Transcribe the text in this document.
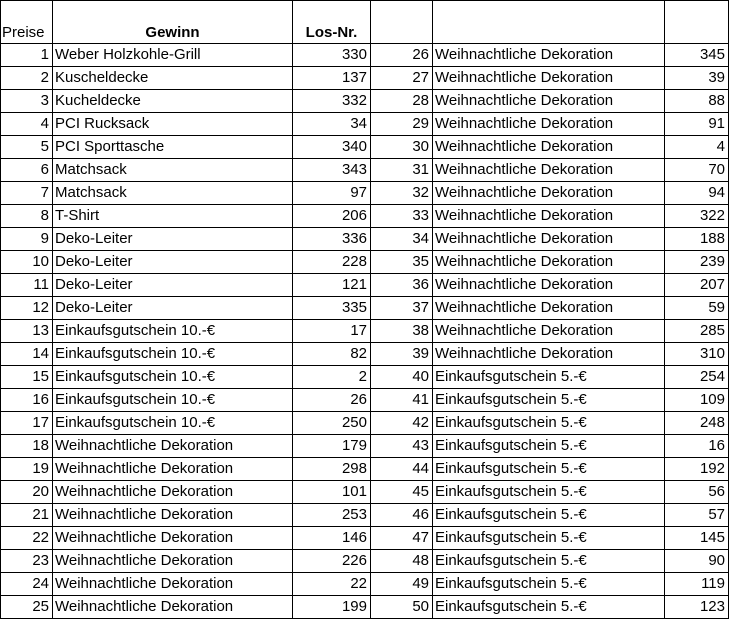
Preise	Gewinn	Los-Nr.			
1	Weber Holzkohle-Grill	330	26	Weihnachtliche Dekoration	345
2	Kuscheldecke	137	27	Weihnachtliche Dekoration	39
3	Kucheldecke	332	28	Weihnachtliche Dekoration	88
4	PCI Rucksack	34	29	Weihnachtliche Dekoration	91
5	PCI Sporttasche	340	30	Weihnachtliche Dekoration	4
6	Matchsack	343	31	Weihnachtliche Dekoration	70
7	Matchsack	97	32	Weihnachtliche Dekoration	94
8	T-Shirt	206	33	Weihnachtliche Dekoration	322
9	Deko-Leiter	336	34	Weihnachtliche Dekoration	188
10	Deko-Leiter	228	35	Weihnachtliche Dekoration	239
11	Deko-Leiter	121	36	Weihnachtliche Dekoration	207
12	Deko-Leiter	335	37	Weihnachtliche Dekoration	59
13	Einkaufsgutschein 10.-€	17	38	Weihnachtliche Dekoration	285
14	Einkaufsgutschein 10.-€	82	39	Weihnachtliche Dekoration	310
15	Einkaufsgutschein 10.-€	2	40	Einkaufsgutschein 5.-€	254
16	Einkaufsgutschein 10.-€	26	41	Einkaufsgutschein 5.-€	109
17	Einkaufsgutschein 10.-€	250	42	Einkaufsgutschein 5.-€	248
18	Weihnachtliche Dekoration	179	43	Einkaufsgutschein 5.-€	16
19	Weihnachtliche Dekoration	298	44	Einkaufsgutschein 5.-€	192
20	Weihnachtliche Dekoration	101	45	Einkaufsgutschein 5.-€	56
21	Weihnachtliche Dekoration	253	46	Einkaufsgutschein 5.-€	57
22	Weihnachtliche Dekoration	146	47	Einkaufsgutschein 5.-€	145
23	Weihnachtliche Dekoration	226	48	Einkaufsgutschein 5.-€	90
24	Weihnachtliche Dekoration	22	49	Einkaufsgutschein 5.-€	119
25	Weihnachtliche Dekoration	199	50	Einkaufsgutschein 5.-€	123
